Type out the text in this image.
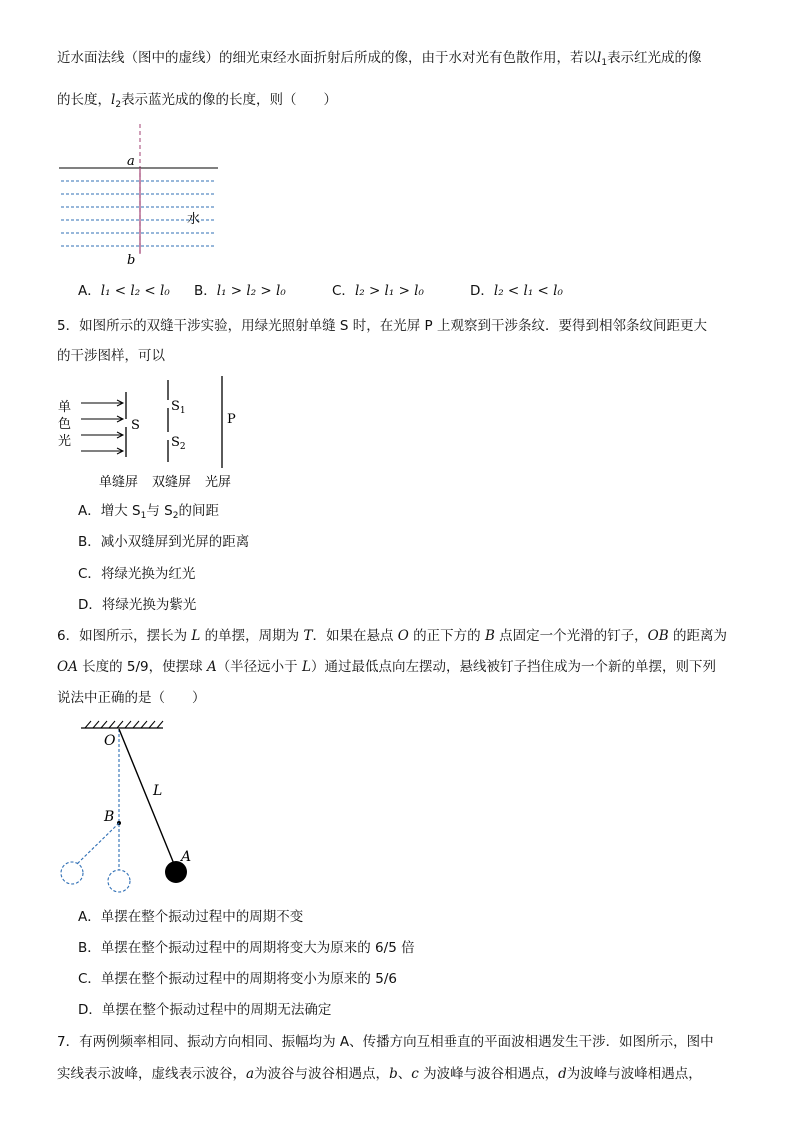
近水面法线（图中的虚线）的细光束经水面折射后所成的像，由于水对光有色散作用，若以$l_1$表示红光成的像
的长度，$l_2$表示蓝光成的像的长度，则（　　）
a
b
水
A．l₁ < l₂ < l₀ B．l₁ > l₂ > l₀	C．l₂ > l₁ > l₀	D．l₂ < l₁ < l₀
5．如图所示的双缝干涉实验，用绿光照射单缝 S 时，在光屏 P 上观察到干涉条纹．要得到相邻条纹间距更大
的干涉图样，可以
单
色
光
S
$S_1$
$S_2$
P
单缝屏 双缝屏 光屏
A．增大 $S_1$与 $S_2$的间距
B．减小双缝屏到光屏的距离
C．将绿光换为红光
D．将绿光换为紫光
6．如图所示，摆长为 L 的单摆，周期为 T．如果在悬点 O 的正下方的 B 点固定一个光滑的钉子，OB 的距离为
OA 长度的 5/9，使摆球 A（半径远小于 L）通过最低点向左摆动，悬线被钉子挡住成为一个新的单摆，则下列
说法中正确的是（　　）
O
A
L
B
A．单摆在整个振动过程中的周期不变
B．单摆在整个振动过程中的周期将变大为原来的 6/5 倍
C．单摆在整个振动过程中的周期将变小为原来的 5/6
D．单摆在整个振动过程中的周期无法确定
7．有两例频率相同、振动方向相同、振幅均为 A、传播方向互相垂直的平面波相遇发生干涉．如图所示，图中
实线表示波峰，虚线表示波谷，a为波谷与波谷相遇点，b、c 为波峰与波谷相遇点，d为波峰与波峰相遇点，
